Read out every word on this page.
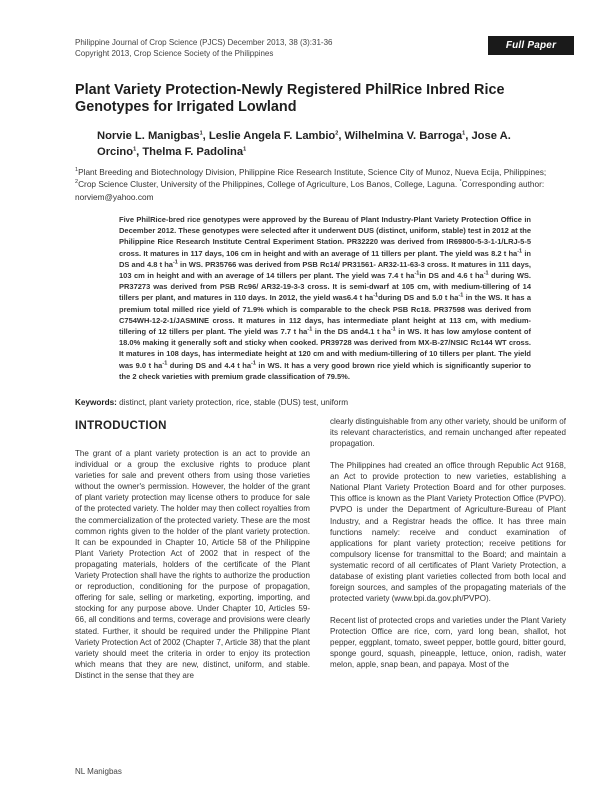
Philippine Journal of Crop Science (PJCS) December 2013, 38 (3):31-36
Copyright 2013, Crop Science Society of the Philippines
Full Paper
Plant Variety Protection-Newly Registered PhilRice Inbred Rice Genotypes for Irrigated Lowland
Norvie L. Manigbas$^1$, Leslie Angela F. Lambio$^2$, Wilhelmina V. Barroga$^1$, Jose A. Orcino$^1$, Thelma F. Padolina$^1$
$^1$Plant Breeding and Biotechnology Division, Philippine Rice Research Institute, Science City of Munoz, Nueva Ecija, Philippines; $^2$Crop Science Cluster, University of the Philippines, College of Agriculture, Los Banos, College, Laguna. *Corresponding author: norviem@yahoo.com
Five PhilRice-bred rice genotypes were approved by the Bureau of Plant Industry-Plant Variety Protection Office in December 2012. These genotypes were selected after it underwent DUS (distinct, uniform, stable) test in 2012 at the Philippine Rice Research Institute Central Experiment Station. PR32220 was derived from IR69800-5-3-1-1/LRJ-5-5 cross. It matures in 117 days, 106 cm in height and with an average of 11 tillers per plant. The yield was 8.2 t $ha^{-1}$ in DS and 4.8 t $ha^{-1}$ in WS. PR35766 was derived from PSB Rc14/ PR31561- AR32-11-63-3 cross. It matures in 111 days, 103 cm in height and with an average of 14 tillers per plant. The yield was 7.4 t $ha^{-1}in$ DS and 4.6 t $ha^{-1}$ during WS. PR37273 was derived from PSB Rc96/ AR32-19-3-3 cross. It is semi-dwarf at 105 cm, with medium-tillering of 14 tillers per plant, and matures in 110 days. In 2012, the yield was6.4 t $ha^{-1}during$ DS and 5.0 t $ha^{-1}$ in the WS. It has a premium total milled rice yield of 71.9% which is comparable to the check PSB Rc18. PR37598 was derived from C754WH-12-2-1/JASMINE cross. It matures in 112 days, has intermediate plant height at 113 cm, with medium-tillering of 12 tillers per plant. The yield was 7.7 t $ha^{-1}$ in the DS and4.1 t $ha^{-1}$ in WS. It has low amylose content of 18.0% making it generally soft and sticky when cooked. PR39728 was derived from MX-B-27/NSIC Rc144 WT cross. It matures in 108 days, has intermediate height at 120 cm and with medium-tillering of 10 tillers per plant. The yield was 9.0 t $ha^{-1}$ during DS and 4.4 t $ha^{-1}$ in WS. It has a very good brown rice yield which is significantly superior to the 2 check varieties with premium grade classification of 79.5%.
Keywords: distinct, plant variety protection, rice, stable (DUS) test, uniform
INTRODUCTION

The grant of a plant variety protection is an act to provide an individual or a group the exclusive rights to produce plant varieties for sale and prevent others from using those varieties without the owner's permission. However, the holder of the grant of plant variety protection may license others to produce for sale of the protected variety. The holder may then collect royalties from the commercialization of the protected variety. These are the most common rights given to the holder of the plant variety protection. It can be expounded in Chapter 10, Article 58 of the Philippine Plant Variety Protection Act of 2002 that in respect of the propagating materials, holders of the certificate of the Plant Variety Protection shall have the rights to authorize the production or reproduction, conditioning for the purpose of propagation, offering for sale, selling or marketing, exporting, importing, and stocking for any purpose above. Under Chapter 10, Articles 59-66, all conditions and terms, coverage and provisions were clearly stated. Further, it should be required under the Philippine Plant Variety Protection Act of 2002 (Chapter 7, Article 38) that the plant variety should meet the criteria in order to enjoy its protection which means that they are new, distinct, uniform, and stable. Distinct in the sense that they are

clearly distinguishable from any other variety, should be uniform of its relevant characteristics, and remain unchanged after repeated propagation.

The Philippines had created an office through Republic Act 9168, an Act to provide protection to new varieties, establishing a National Plant Variety Protection Board and for other purposes. This office is known as the Plant Variety Protection Office (PVPO). PVPO is under the Department of Agriculture-Bureau of Plant Industry, and a Registrar heads the office. It has three main functions namely: receive and conduct examination of applications for plant variety protection; receive petitions for compulsory license for transmittal to the Board; and maintain a systematic record of all certificates of Plant Variety Protection, a database of existing plant varieties collected from both local and foreign sources, and samples of the propagating materials of the protected variety (www.bpi.da.gov.ph/PVPO).

Recent list of protected crops and varieties under the Plant Variety Protection Office are rice, corn, yard long bean, shallot, hot pepper, eggplant, tomato, sweet pepper, bottle gourd, bitter gourd, sponge gourd, squash, pineapple, lettuce, onion, radish, water melon, apple, snap bean, and papaya. Most of the

NL Manigbas
